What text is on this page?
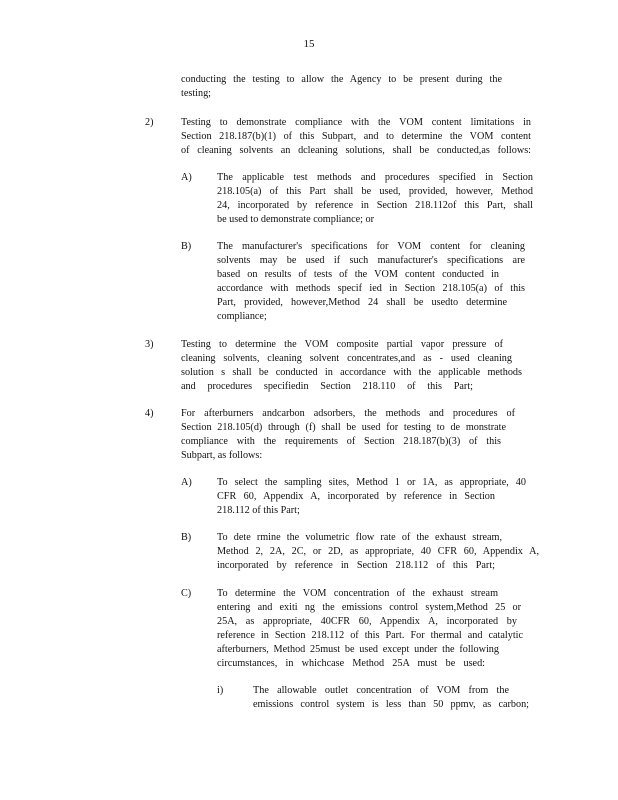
15
conducting the testing to allow the Agency to be present during the
testing;
2)	Testing to demonstrate compliance with the VOM content limitations in
Section 218.187(b)(1) of this Subpart, and to determine the VOM content
of cleaning solvents an dcleaning solutions, shall be conducted,as follows:
A) The applicable test methods and procedures specified in Section
218.105(a) of this Part shall be used, provided, however, Method
24, incorporated by reference in Section 218.112of this Part, shall
be used to demonstrate compliance; or
B)	The manufacturer's specifications for VOM content for cleaning
solvents may be used if such manufacturer's specifications are
based on results of tests of the VOM content conducted in
accordance with methods specif ied in Section 218.105(a) of this
Part, provided, however,Method 24 shall be usedto determine
compliance;
3)	Testing to determine the VOM composite partial vapor pressure of
cleaning solvents, cleaning solvent concentrates,and as - used cleaning
solution s shall be conducted in accordance with the applicable methods
and procedures specifiedin Section 218.110 of this Part;
4)	For afterburners andcarbon adsorbers, the methods and procedures of
Section 218.105(d) through (f) shall be used for testing to de monstrate
compliance with the requirements of Section 218.187(b)(3) of this
Subpart, as follows:
A) To select the sampling sites, Method 1 or 1A, as appropriate, 40
CFR 60, Appendix A, incorporated by reference in Section
218.112 of this Part;
B)	To dete rmine the volumetric flow rate of the exhaust stream,
Method 2, 2A, 2C, or 2D, as appropriate, 40 CFR 60, Appendix A,
incorporated by reference in Section 218.112 of this Part;
C)	To determine the VOM concentration of the exhaust stream
entering and exiti ng the emissions control system,Method 25 or
25A, as appropriate, 40CFR 60, Appendix A, incorporated by
reference in Section 218.112 of this Part. For thermal and catalytic
afterburners, Method 25must be used except under the following
circumstances, in whichcase Method 25A must be used:
i)	The allowable outlet concentration of VOM from the
emissions control system is less than 50 ppmv, as carbon;
